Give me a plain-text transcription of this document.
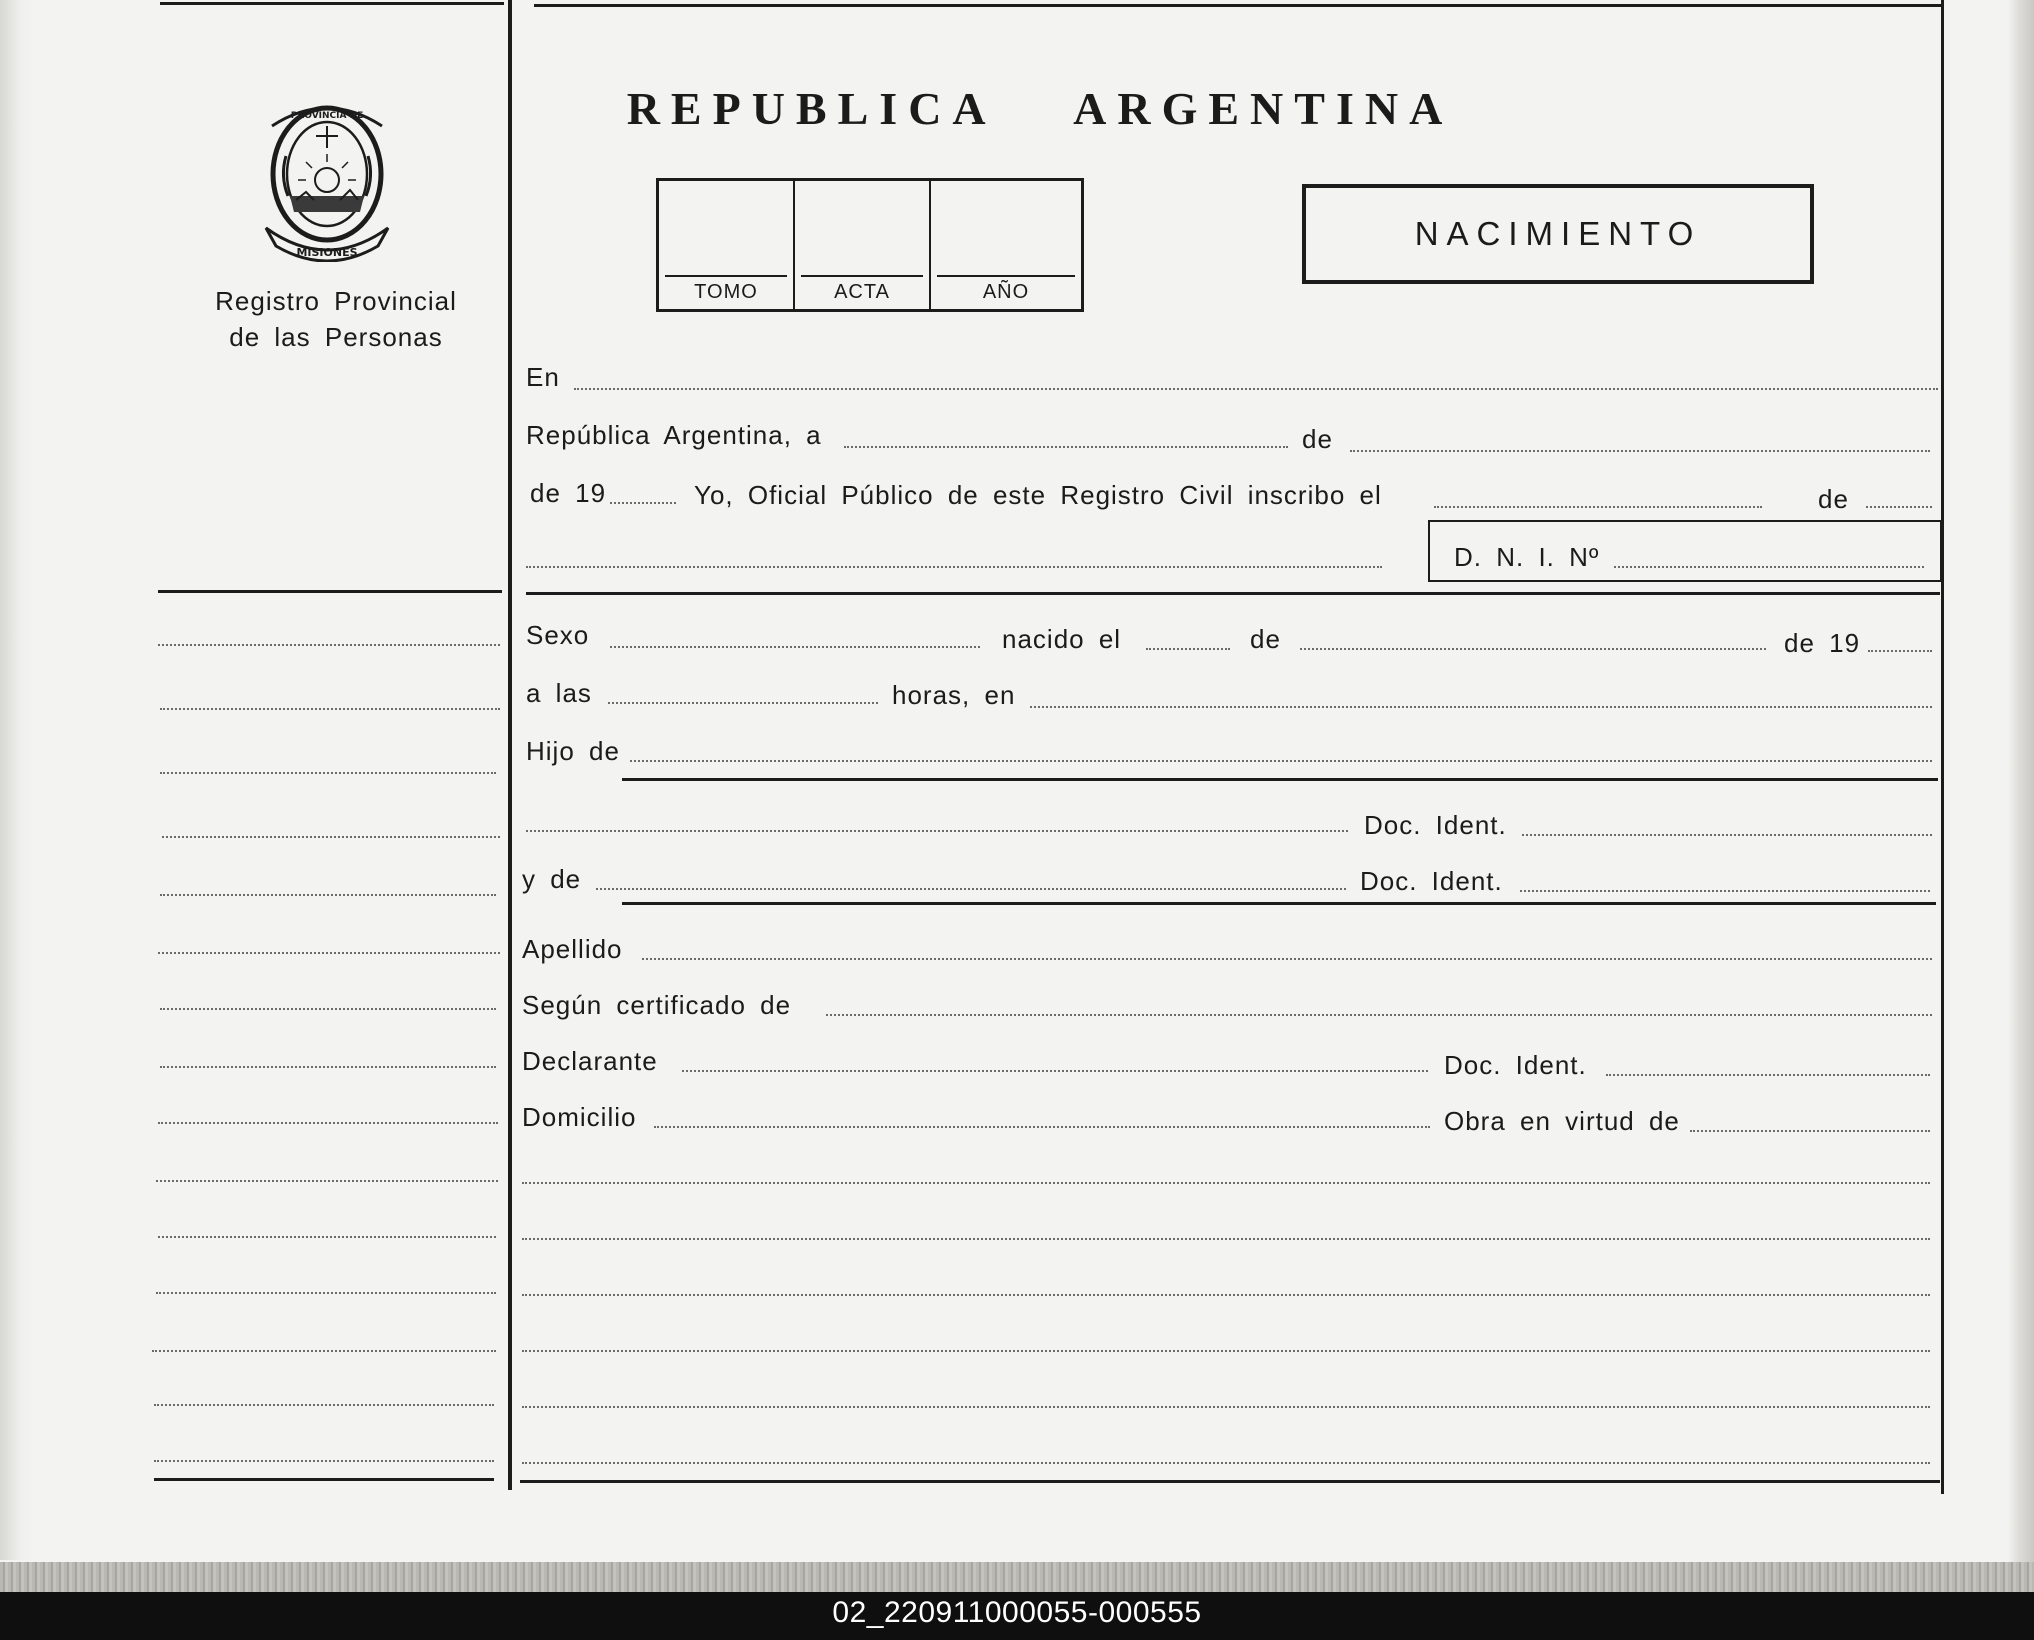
PROVINCIA DE
MISIONES
Registro Provincial
de las Personas
REPUBLICA ARGENTINA
TOMO	ACTA	AÑO
NACIMIENTO
En
República Argentina, a	de
de 19	Yo, Oficial Público de este Registro Civil inscribo el	de
D. N. I. Nº
Sexo	nacido el	de	de 19
a las	horas, en
Hijo de
Doc. Ident.
y de	Doc. Ident.
Apellido
Según certificado de
Declarante	Doc. Ident.
Domicilio	Obra en virtud de
02_220911000055-000555
